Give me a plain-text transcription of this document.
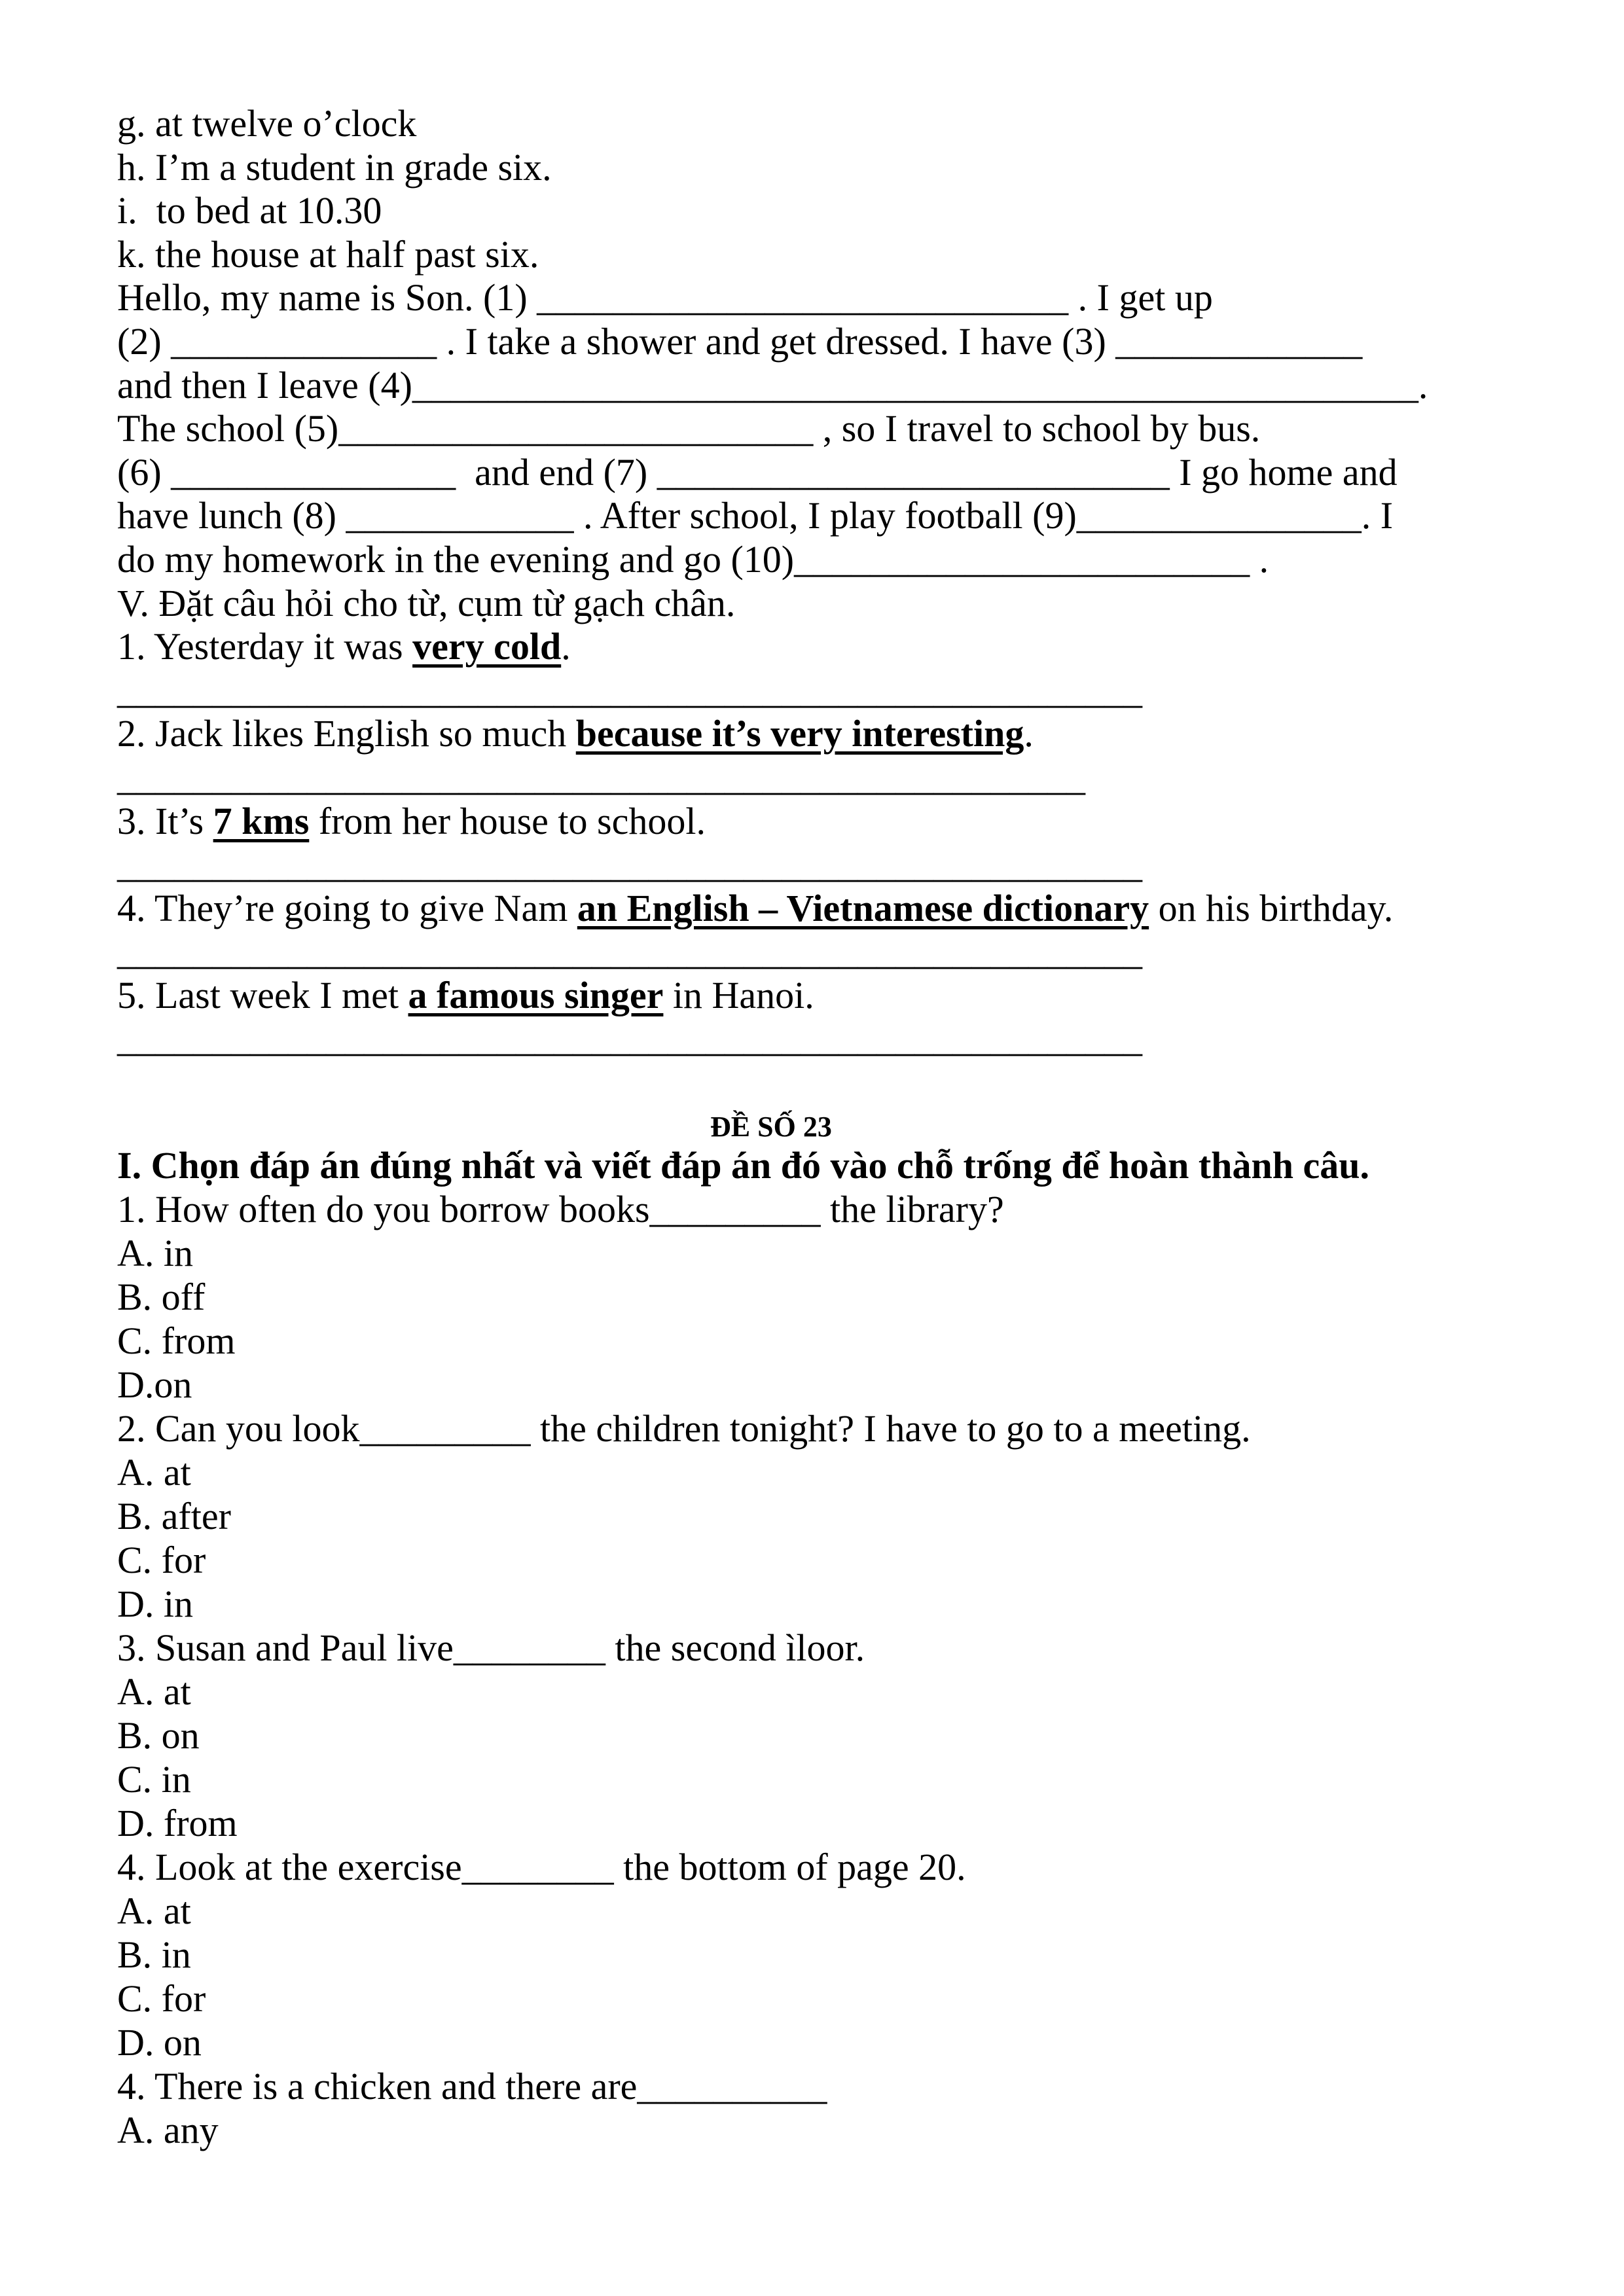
g. at twelve o’clock
h. I’m a student in grade six.
i.  to bed at 10.30
k. the house at half past six.
Hello, my name is Son. (1) ____________________________ . I get up
(2) ______________ . I take a shower and get dressed. I have (3) _____________
and then I leave (4)_____________________________________________________.
The school (5)_________________________ , so I travel to school by bus.
(6) _______________  and end (7) ___________________________ I go home and
have lunch (8) ____________ . After school, I play football (9)_______________. I
do my homework in the evening and go (10)________________________ .
V. Đặt câu hỏi cho từ, cụm từ gạch chân.
1. Yesterday it was very cold.
______________________________________________________
2. Jack likes English so much because it’s very interesting.
___________________________________________________
3. It’s 7 kms from her house to school.
______________________________________________________
4. They’re going to give Nam an English – Vietnamese dictionary on his birthday.
______________________________________________________
5. Last week I met a famous singer in Hanoi.
______________________________________________________
ĐỀ SỐ 23
I. Chọn đáp án đúng nhất và viết đáp án đó vào chỗ trống để hoàn thành câu.
1. How often do you borrow books_________ the library?
A. in
B. off
C. from
D.on
2. Can you look_________ the children tonight? I have to go to a meeting.
A. at
B. after
C. for
D. in
3. Susan and Paul live________ the second ìloor.
A. at
B. on
C. in
D. from
4. Look at the exercise________ the bottom of page 20.
A. at
B. in
C. for
D. on
4. There is a chicken and there are__________
A. any
